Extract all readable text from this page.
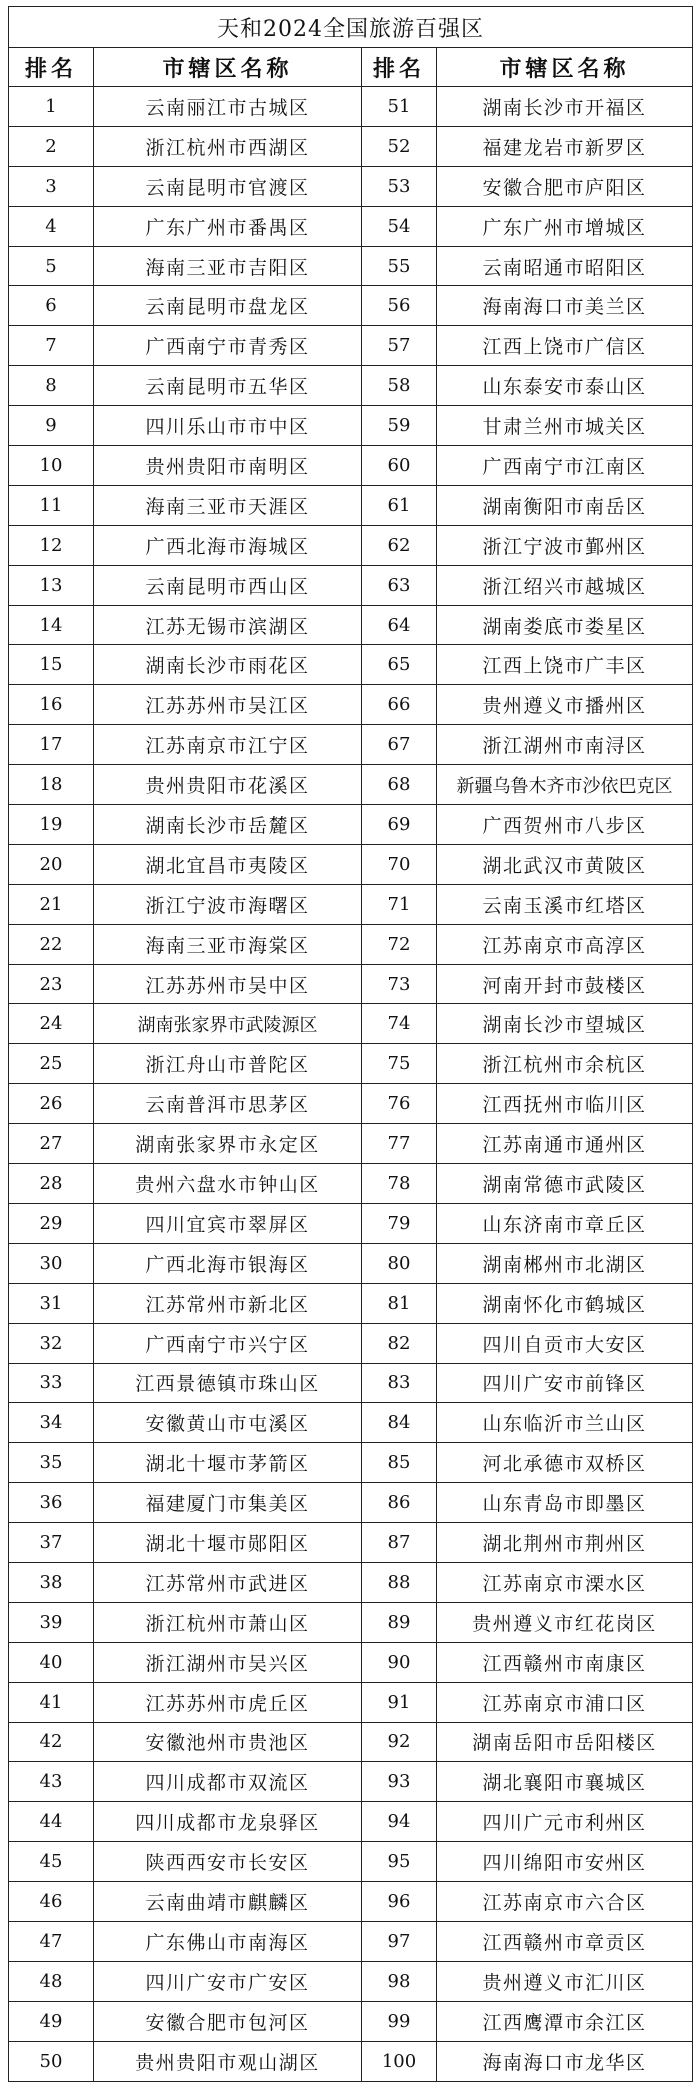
天和2024全国旅游百强区			
排名	市辖区名称	排名	市辖区名称
1	云南丽江市古城区	51	湖南长沙市开福区
2	浙江杭州市西湖区	52	福建龙岩市新罗区
3	云南昆明市官渡区	53	安徽合肥市庐阳区
4	广东广州市番禺区	54	广东广州市增城区
5	海南三亚市吉阳区	55	云南昭通市昭阳区
6	云南昆明市盘龙区	56	海南海口市美兰区
7	广西南宁市青秀区	57	江西上饶市广信区
8	云南昆明市五华区	58	山东泰安市泰山区
9	四川乐山市市中区	59	甘肃兰州市城关区
10	贵州贵阳市南明区	60	广西南宁市江南区
11	海南三亚市天涯区	61	湖南衡阳市南岳区
12	广西北海市海城区	62	浙江宁波市鄞州区
13	云南昆明市西山区	63	浙江绍兴市越城区
14	江苏无锡市滨湖区	64	湖南娄底市娄星区
15	湖南长沙市雨花区	65	江西上饶市广丰区
16	江苏苏州市吴江区	66	贵州遵义市播州区
17	江苏南京市江宁区	67	浙江湖州市南浔区
18	贵州贵阳市花溪区	68	新疆乌鲁木齐市沙依巴克区
19	湖南长沙市岳麓区	69	广西贺州市八步区
20	湖北宜昌市夷陵区	70	湖北武汉市黄陂区
21	浙江宁波市海曙区	71	云南玉溪市红塔区
22	海南三亚市海棠区	72	江苏南京市高淳区
23	江苏苏州市吴中区	73	河南开封市鼓楼区
24	湖南张家界市武陵源区	74	湖南长沙市望城区
25	浙江舟山市普陀区	75	浙江杭州市余杭区
26	云南普洱市思茅区	76	江西抚州市临川区
27	湖南张家界市永定区	77	江苏南通市通州区
28	贵州六盘水市钟山区	78	湖南常德市武陵区
29	四川宜宾市翠屏区	79	山东济南市章丘区
30	广西北海市银海区	80	湖南郴州市北湖区
31	江苏常州市新北区	81	湖南怀化市鹤城区
32	广西南宁市兴宁区	82	四川自贡市大安区
33	江西景德镇市珠山区	83	四川广安市前锋区
34	安徽黄山市屯溪区	84	山东临沂市兰山区
35	湖北十堰市茅箭区	85	河北承德市双桥区
36	福建厦门市集美区	86	山东青岛市即墨区
37	湖北十堰市郧阳区	87	湖北荆州市荆州区
38	江苏常州市武进区	88	江苏南京市溧水区
39	浙江杭州市萧山区	89	贵州遵义市红花岗区
40	浙江湖州市吴兴区	90	江西赣州市南康区
41	江苏苏州市虎丘区	91	江苏南京市浦口区
42	安徽池州市贵池区	92	湖南岳阳市岳阳楼区
43	四川成都市双流区	93	湖北襄阳市襄城区
44	四川成都市龙泉驿区	94	四川广元市利州区
45	陕西西安市长安区	95	四川绵阳市安州区
46	云南曲靖市麒麟区	96	江苏南京市六合区
47	广东佛山市南海区	97	江西赣州市章贡区
48	四川广安市广安区	98	贵州遵义市汇川区
49	安徽合肥市包河区	99	江西鹰潭市余江区
50	贵州贵阳市观山湖区	100	海南海口市龙华区
